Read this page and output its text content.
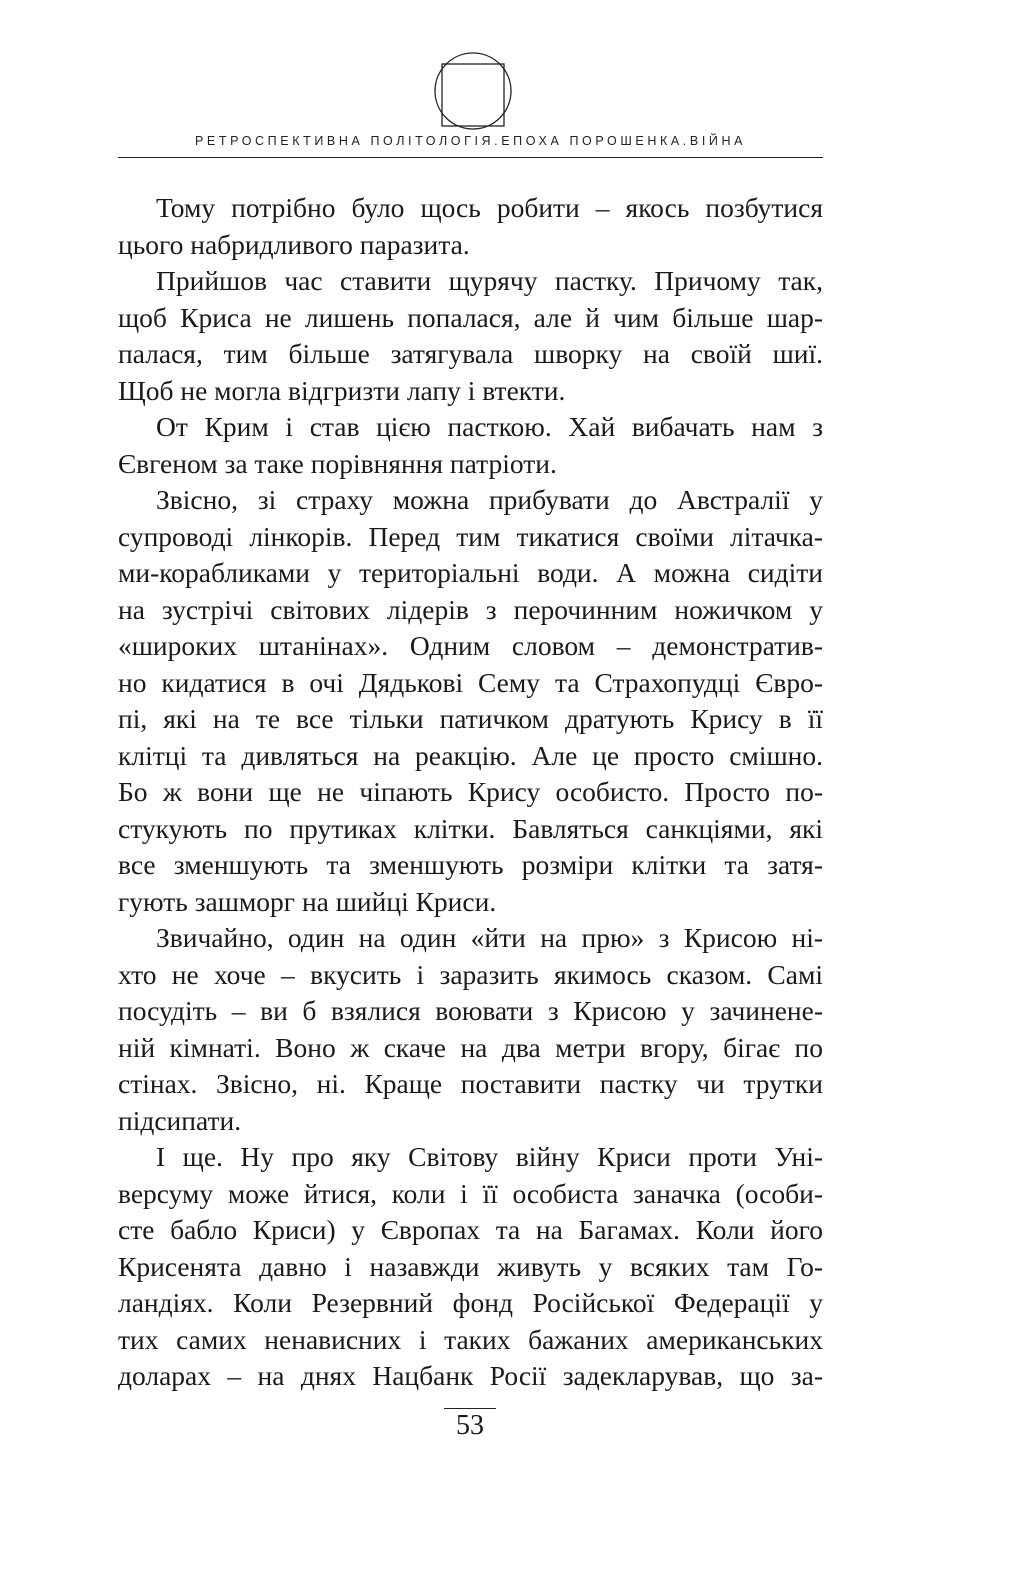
РЕТРОСПЕКТИВНА ПОЛІТОЛОГІЯ.ЕПОХА ПОРОШЕНКА.ВІЙНА
Тому потрібно було щось робити – якось позбутися
цього набридливого паразита.
Прийшов час ставити щурячу пастку. Причому так,
щоб Криса не лишень попалася, але й чим більше шар-
палася, тим більше затягувала шворку на своїй шиї.
Щоб не могла відгризти лапу і втекти.
От Крим і став цією пасткою. Хай вибачать нам з
Євгеном за таке порівняння патріоти.
Звісно, зі страху можна прибувати до Австралії у
супроводі лінкорів. Перед тим тикатися своїми літачка-
ми-корабликами у територіальні води. А можна сидіти
на зустрічі світових лідерів з перочинним ножичком у
«широких штанінах». Одним словом – демонстратив-
но кидатися в очі Дядькові Сему та Страхопудці Євро-
пі, які на те все тільки патичком дратують Крису в її
клітці та дивляться на реакцію. Але це просто смішно.
Бо ж вони ще не чіпають Крису особисто. Просто по-
стукують по прутиках клітки. Бавляться санкціями, які
все зменшують та зменшують розміри клітки та затя-
гують зашморг на шийці Криси.
Звичайно, один на один «йти на прю» з Крисою ні-
хто не хоче – вкусить і заразить якимось сказом. Самі
посудіть – ви б взялися воювати з Крисою у зачинене-
ній кімнаті. Воно ж скаче на два метри вгору, бігає по
стінах. Звісно, ні. Краще поставити пастку чи трутки
підсипати.
І ще. Ну про яку Світову війну Криси проти Уні-
версуму може йтися, коли і її особиста заначка (особи-
сте бабло Криси) у Європах та на Багамах. Коли його
Крисенята давно і назавжди живуть у всяких там Го-
ландіях. Коли Резервний фонд Російської Федерації у
тих самих ненависних і таких бажаних американських
доларах – на днях Нацбанк Росії задекларував, що за-
53
